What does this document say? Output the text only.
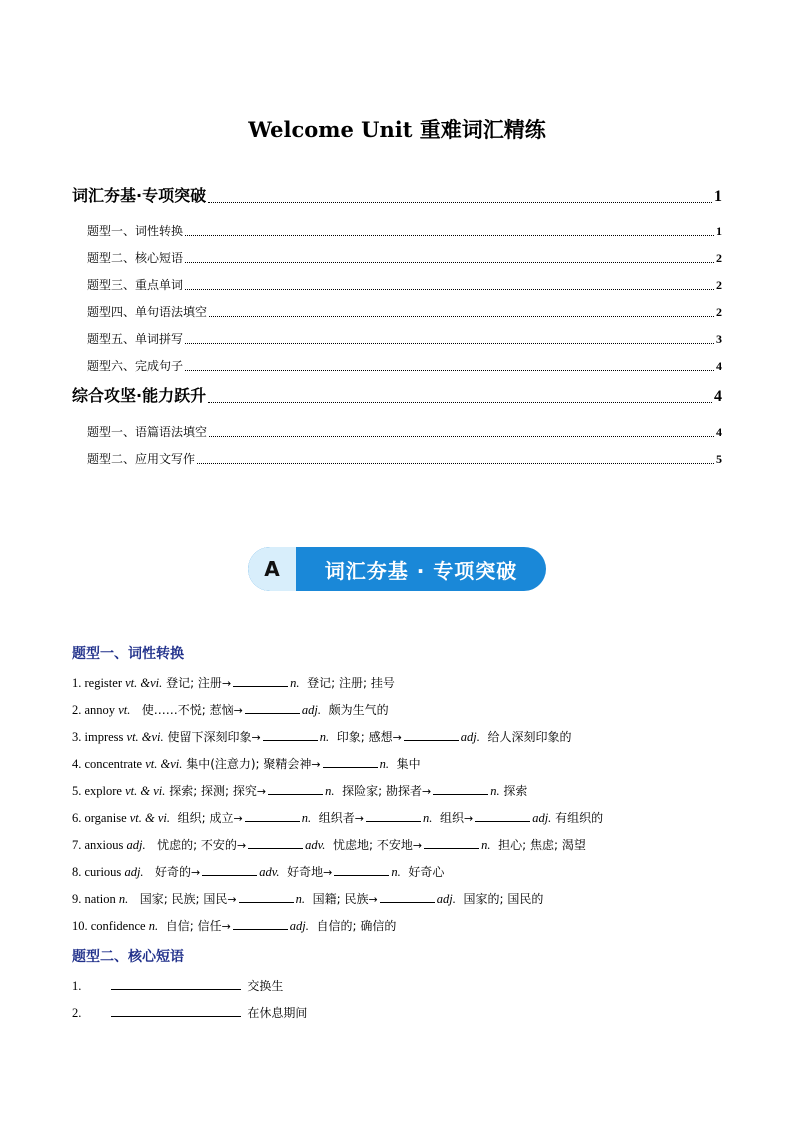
Welcome Unit 重难词汇精练
词汇夯基·专项突破	1
题型一、词性转换	1
题型二、核心短语	2
题型三、重点单词	2
题型四、单句语法填空	2
题型五、单词拼写	3
题型六、完成句子	4
综合攻坚·能力跃升	4
题型一、语篇语法填空	4
题型二、应用文写作	5
A	词汇夯基 · 专项突破
题型一、词性转换
1. register vt. &vi. 登记; 注册 →	n. 登记; 注册; 挂号
2. annoy vt. 使……不悦; 惹恼 →	adj. 颇为生气的
3. impress vt. &vi. 使留下深刻印象 →	n. 印象; 感想 →	adj. 给人深刻印象的
4. concentrate vt. &vi. 集中(注意力); 聚精会神 →	n. 集中
5. explore vt. & vi. 探索; 探测; 探究 →	n. 探险家; 勘探者 →	n. 探索
6. organise vt. & vi. 组织; 成立 →	n. 组织者 →	n. 组织 →	adj. 有组织的
7. anxious adj. 忧虑的; 不安的 →	adv. 忧虑地; 不安地 →	n. 担心; 焦虑; 渴望
8. curious adj. 好奇的 →	adv. 好奇地 →	n. 好奇心
9. nation n. 国家; 民族; 国民 →	n. 国籍; 民族 →	adj. 国家的; 国民的
10. confidence n. 自信; 信任 →	adj. 自信的; 确信的
题型二、核心短语
1.	交换生
2.	在休息期间
